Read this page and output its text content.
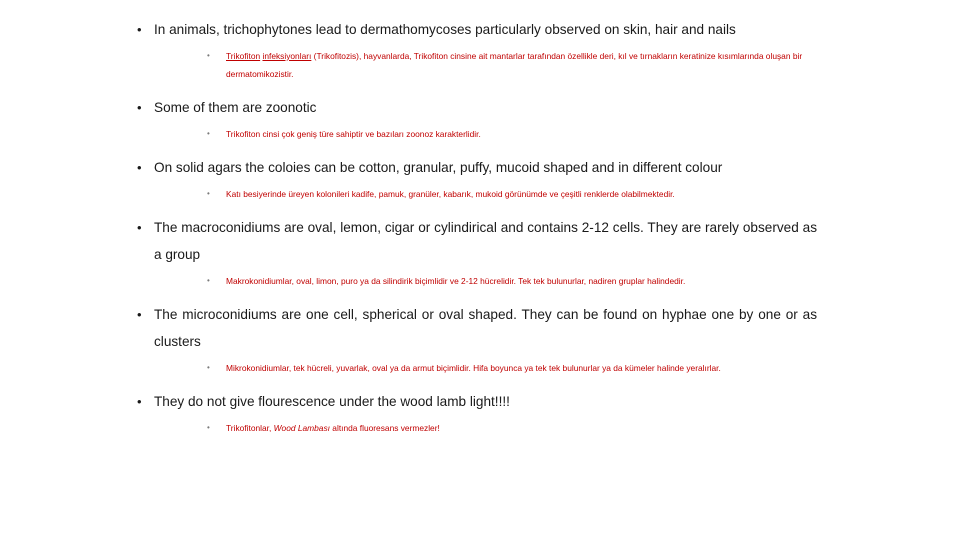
• In animals, trichophytones lead to dermathomycoses particularly observed on skin, hair and nails
•	Trikofiton infeksiyonları (Trikofitozis), hayvanlarda, Trikofiton cinsine ait mantarlar tarafından özellikle deri, kıl ve tırnakların keratinize kısımlarında oluşan bir dermatomikozistir.
• Some of them are zoonotic
•	Trikofiton cinsi çok geniş türe sahiptir ve bazıları zoonoz karakterlidir.
• On solid agars the coloies can be cotton, granular, puffy, mucoid shaped and in different colour
•	Katı besiyerinde üreyen kolonileri kadife, pamuk, granüler, kabarık, mukoid görünümde ve çeşitli renklerde olabilmektedir.
• The macroconidiums are oval, lemon, cigar or cylindirical and contains 2-12 cells. They are rarely observed as a group
•	Makrokonidiumlar, oval, limon, puro ya da silindirik biçimlidir ve 2-12 hücrelidir. Tek tek bulunurlar, nadiren gruplar halindedir.
• The microconidiums are one cell, spherical or oval shaped. They can be found on hyphae one by one or as clusters
•	Mikrokonidiumlar, tek hücreli, yuvarlak, oval ya da armut biçimlidir. Hifa boyunca ya tek tek bulunurlar ya da kümeler halinde yeralırlar.
• They do not give flourescence under the wood lamb light!!!!
•	Trikofitonlar, Wood Lambası altında fluoresans vermezler!
